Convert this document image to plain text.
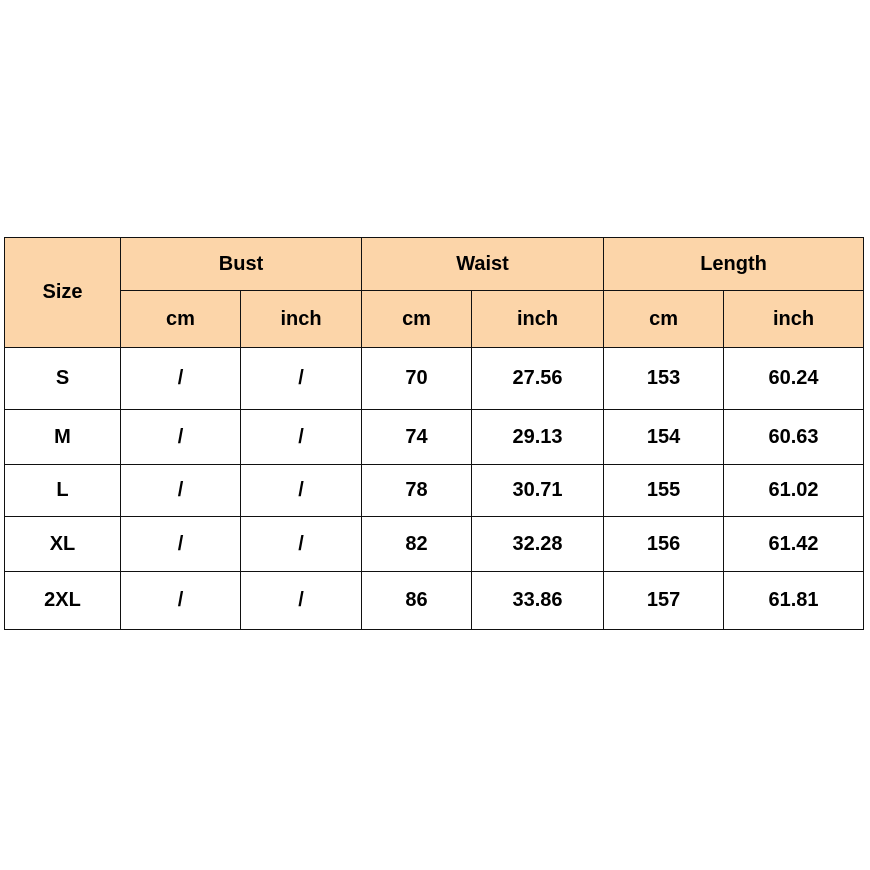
Size	Bust		Waist		Length	
	cm	inch	cm	inch	cm	inch
S	/	/	70	27.56	153	60.24
M	/	/	74	29.13	154	60.63
L	/	/	78	30.71	155	61.02
XL	/	/	82	32.28	156	61.42
2XL	/	/	86	33.86	157	61.81
